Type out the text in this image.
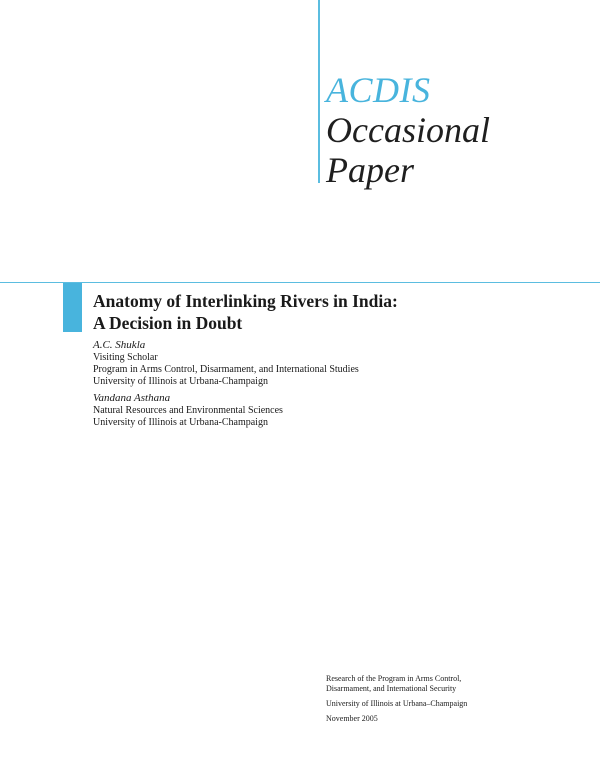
ACDIS
Occasional
Paper
Anatomy of Interlinking Rivers in India:
A Decision in Doubt
A.C. Shukla
Visiting Scholar
Program in Arms Control, Disarmament, and International Studies
University of Illinois at Urbana-Champaign
Vandana Asthana
Natural Resources and Environmental Sciences
University of Illinois at Urbana-Champaign
Research of the Program in Arms Control,
Disarmament, and International Security
University of Illinois at Urbana–Champaign
November 2005
